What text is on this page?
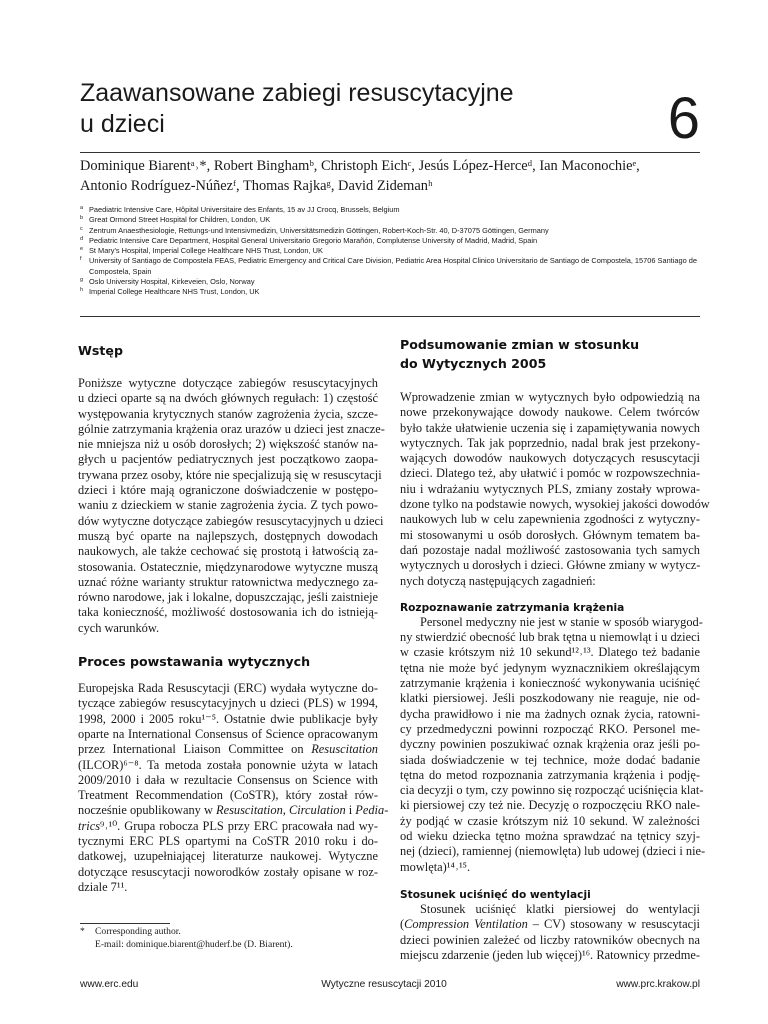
Zaawansowane zabiegi resuscytacyjne
u dzieci	6
Dominique Biarentᵃ˒*, Robert Binghamᵇ, Christoph Eichᶜ, Jesús López-Herceᵈ, Ian Maconochieᵉ,
Antonio Rodríguez-Núñezᶠ, Thomas Rajkaᵍ, David Zidemanʰ
a Paediatric Intensive Care, Hôpital Universitaire des Enfants, 15 av JJ Crocq, Brussels, Belgium
b Great Ormond Street Hospital for Children, London, UK
c Zentrum Anaesthesiologie, Rettungs-und Intensivmedizin, Universitätsmedizin Göttingen, Robert-Koch-Str. 40, D-37075 Göttingen, Germany
d Pediatric Intensive Care Department, Hospital General Universitario Gregorio Marañón, Complutense University of Madrid, Madrid, Spain
e St Mary's Hospital, Imperial College Healthcare NHS Trust, London, UK
f University of Santiago de Compostela FEAS, Pediatric Emergency and Critical Care Division, Pediatric Area Hospital Clinico Universitario de Santiago de Compostela, 15706 Santiago de Compostela, Spain
g Oslo University Hospital, Kirkeveien, Oslo, Norway
h Imperial College Healthcare NHS Trust, London, UK
Wstęp
Poniższe wytyczne dotyczące zabiegów resuscytacyjnych
u dzieci oparte są na dwóch głównych regułach: 1) częstość
występowania krytycznych stanów zagrożenia życia, szcze-
gólnie zatrzymania krążenia oraz urazów u dzieci jest znacze-
nie mniejsza niż u osób dorosłych; 2) większość stanów na-
głych u pacjentów pediatrycznych jest początkowo zaopa-
trywana przez osoby, które nie specjalizują się w resuscytacji
dzieci i które mają ograniczone doświadczenie w postępo-
waniu z dzieckiem w stanie zagrożenia życia. Z tych powo-
dów wytyczne dotyczące zabiegów resuscytacyjnych u dzieci
muszą być oparte na najlepszych, dostępnych dowodach
naukowych, ale także cechować się prostotą i łatwością za-
stosowania. Ostatecznie, międzynarodowe wytyczne muszą
uznać różne warianty struktur ratownictwa medycznego za-
równo narodowe, jak i lokalne, dopuszczając, jeśli zaistnieje
taka konieczność, możliwość dostosowania ich do istnieją-
cych warunków.
Proces powstawania wytycznych
Europejska Rada Resuscytacji (ERC) wydała wytyczne do-
tyczące zabiegów resuscytacyjnych u dzieci (PLS) w 1994,
1998, 2000 i 2005 roku¹⁻⁵. Ostatnie dwie publikacje były
oparte na International Consensus of Science opracowanym
przez International Liaison Committee on Resuscitation
(ILCOR)⁶⁻⁸. Ta metoda została ponownie użyta w latach
2009/2010 i dała w rezultacie Consensus on Science with
Treatment Recommendation (CoSTR), który został rów-
nocześnie opublikowany w Resuscitation, Circulation i Pedia-
trics⁹˒¹⁰. Grupa robocza PLS przy ERC pracowała nad wy-
tycznymi ERC PLS opartymi na CoSTR 2010 roku i do-
datkowej, uzupełniającej literaturze naukowej. Wytyczne
dotyczące resuscytacji noworodków zostały opisane w roz-
dziale 7¹¹.
Podsumowanie zmian w stosunku
do Wytycznych 2005
Wprowadzenie zmian w wytycznych było odpowiedzią na
nowe przekonywające dowody naukowe. Celem twórców
było także ułatwienie uczenia się i zapamiętywania nowych
wytycznych. Tak jak poprzednio, nadal brak jest przekony-
wających dowodów naukowych dotyczących resuscytacji
dzieci. Dlatego też, aby ułatwić i pomóc w rozpowszechnia-
niu i wdrażaniu wytycznych PLS, zmiany zostały wprowa-
dzone tylko na podstawie nowych, wysokiej jakości dowodów
naukowych lub w celu zapewnienia zgodności z wytyczny-
mi stosowanymi u osób dorosłych. Głównym tematem ba-
dań pozostaje nadal możliwość zastosowania tych samych
wytycznych u dorosłych i dzieci. Główne zmiany w wytycz-
nych dotyczą następujących zagadnień:
Rozpoznawanie zatrzymania krążenia
Personel medyczny nie jest w stanie w sposób wiarygod-
ny stwierdzić obecność lub brak tętna u niemowląt i u dzieci
w czasie krótszym niż 10 sekund¹²˒¹³. Dlatego też badanie
tętna nie może być jedynym wyznacznikiem określającym
zatrzymanie krążenia i konieczność wykonywania uciśnięć
klatki piersiowej. Jeśli poszkodowany nie reaguje, nie od-
dycha prawidłowo i nie ma żadnych oznak życia, ratowni-
cy przedmedyczni powinni rozpocząć RKO. Personel me-
dyczny powinien poszukiwać oznak krążenia oraz jeśli po-
siada doświadczenie w tej technice, może dodać badanie
tętna do metod rozpoznania zatrzymania krążenia i podję-
cia decyzji o tym, czy powinno się rozpocząć uciśnięcia klat-
ki piersiowej czy też nie. Decyzję o rozpoczęciu RKO nale-
ży podjąć w czasie krótszym niż 10 sekund. W zależności
od wieku dziecka tętno można sprawdzać na tętnicy szyj-
nej (dzieci), ramiennej (niemowlęta) lub udowej (dzieci i nie-
mowlęta)¹⁴˒¹⁵.
Stosunek uciśnięć do wentylacji
Stosunek uciśnięć klatki piersiowej do wentylacji
(Compression Ventilation – CV) stosowany w resuscytacji
dzieci powinien zależeć od liczby ratowników obecnych na
miejscu zdarzenie (jeden lub więcej)¹⁶. Ratownicy przedme-
*	Corresponding author.
E-mail: dominique.biarent@huderf.be (D. Biarent).
www.erc.edu	Wytyczne resuscytacji 2010	www.prc.krakow.pl
